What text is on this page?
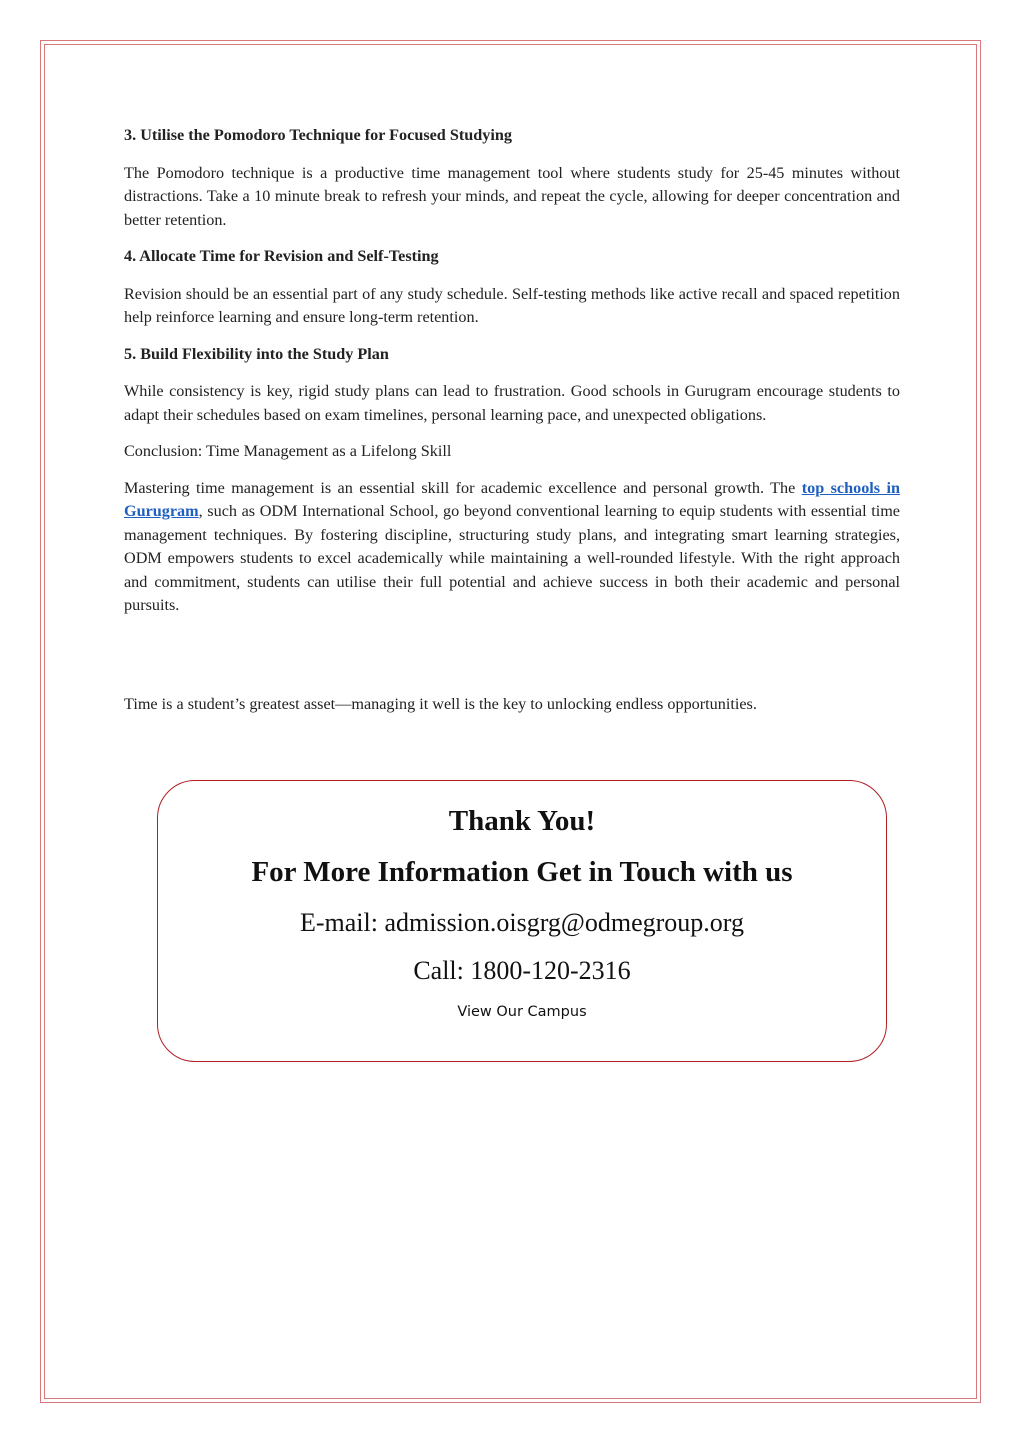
3. Utilise the Pomodoro Technique for Focused Studying

The Pomodoro technique is a productive time management tool where students study for 25-45 minutes without distractions. Take a 10 minute break to refresh your minds, and repeat the cycle, allowing for deeper concentration and better retention.

4. Allocate Time for Revision and Self-Testing

Revision should be an essential part of any study schedule. Self-testing methods like active recall and spaced repetition help reinforce learning and ensure long-term retention.

5. Build Flexibility into the Study Plan

While consistency is key, rigid study plans can lead to frustration. Good schools in Gurugram encourage students to adapt their schedules based on exam timelines, personal learning pace, and unexpected obligations.

Conclusion: Time Management as a Lifelong Skill

Mastering time management is an essential skill for academic excellence and personal growth. The top schools in Gurugram, such as ODM International School, go beyond conventional learning to equip students with essential time management techniques. By fostering discipline, structuring study plans, and integrating smart learning strategies, ODM empowers students to excel academically while maintaining a well-rounded lifestyle. With the right approach and commitment, students can utilise their full potential and achieve success in both their academic and personal pursuits.

Time is a student’s greatest asset—managing it well is the key to unlocking endless opportunities.
Thank You!
For More Information Get in Touch with us
E-mail: admission.oisgrg@odmegroup.org
Call: 1800-120-2316
View Our Campus
